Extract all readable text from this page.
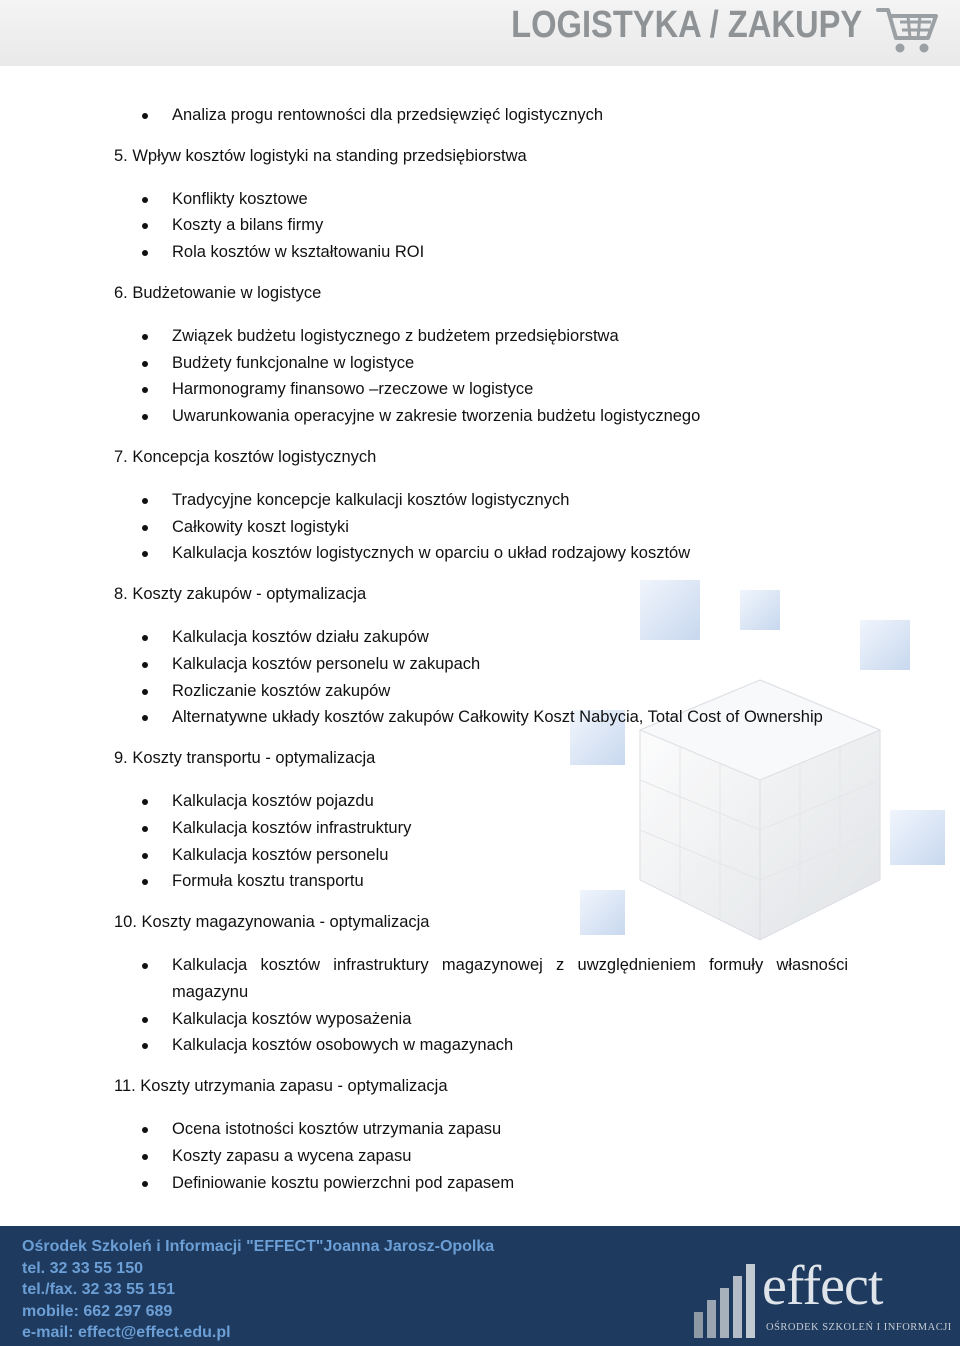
LOGISTYKA / ZAKUPY
Analiza progu rentowności dla przedsięwzięć logistycznych
5. Wpływ kosztów logistyki na standing przedsiębiorstwa
Konflikty kosztowe
Koszty a bilans firmy
Rola kosztów w kształtowaniu ROI
6. Budżetowanie w logistyce
Związek budżetu logistycznego z budżetem przedsiębiorstwa
Budżety funkcjonalne w logistyce
Harmonogramy finansowo –rzeczowe w logistyce
Uwarunkowania operacyjne w zakresie tworzenia budżetu logistycznego
7. Koncepcja kosztów logistycznych
Tradycyjne koncepcje kalkulacji kosztów logistycznych
Całkowity koszt logistyki
Kalkulacja kosztów logistycznych w oparciu o układ rodzajowy kosztów
8. Koszty zakupów - optymalizacja
Kalkulacja kosztów działu zakupów
Kalkulacja kosztów personelu w zakupach
Rozliczanie kosztów zakupów
Alternatywne układy kosztów zakupów Całkowity Koszt Nabycia, Total Cost of Ownership
9. Koszty transportu - optymalizacja
Kalkulacja kosztów pojazdu
Kalkulacja kosztów infrastruktury
Kalkulacja kosztów personelu
Formuła kosztu transportu
10. Koszty magazynowania - optymalizacja
Kalkulacja kosztów infrastruktury magazynowej z uwzględnieniem formuły własności magazynu
Kalkulacja kosztów wyposażenia
Kalkulacja kosztów osobowych w magazynach
11. Koszty utrzymania zapasu - optymalizacja
Ocena istotności kosztów utrzymania zapasu
Koszty zapasu a wycena zapasu
Definiowanie kosztu powierzchni pod zapasem
Ośrodek Szkoleń i Informacji "EFFECT"Joanna Jarosz-Opolka
tel. 32 33 55 150
tel./fax. 32 33 55 151
mobile: 662 297 689
e-mail: effect@effect.edu.pl
effect
OŚRODEK SZKOLEŃ I INFORMACJI
